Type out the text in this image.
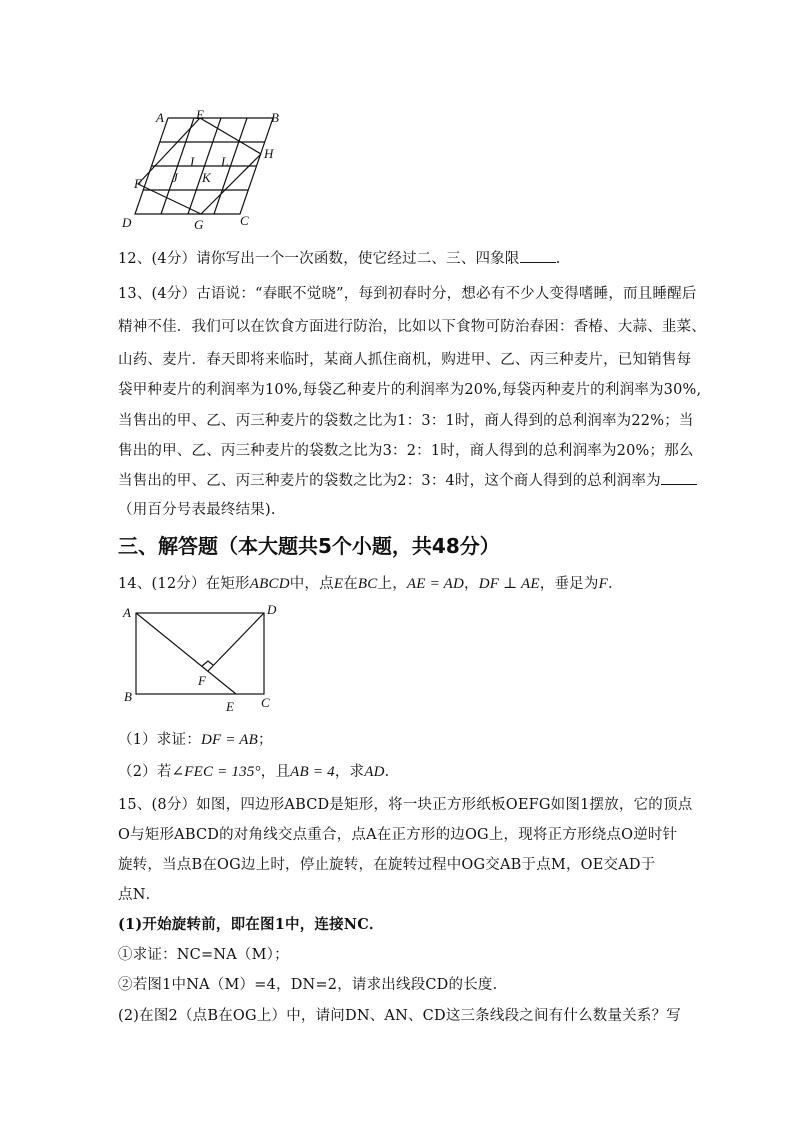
A E	B
H
I L
J K
F
D	G	C
12、(4分）请你写出一个一次函数，使它经过二、三、四象限 .
13、(4分）古语说：“春眠不觉晓”，每到初春时分，想必有不少人变得嗜睡，而且睡醒后
精神不佳．我们可以在饮食方面进行防治，比如以下食物可防治春困：香椿、大蒜、韭菜、
山药、麦片．春天即将来临时，某商人抓住商机，购进甲、乙、丙三种麦片，已知销售每
袋甲种麦片的利润率为10%,每袋乙种麦片的利润率为20%,每袋丙种麦片的利润率为30%,
当售出的甲、乙、丙三种麦片的袋数之比为1：3：1时，商人得到的总利润率为22%；当
售出的甲、乙、丙三种麦片的袋数之比为3：2：1时，商人得到的总利润率为20%；那么
当售出的甲、乙、丙三种麦片的袋数之比为2：3：4时，这个商人得到的总利润率为
（用百分号表最终结果).
三、解答题（本大题共5个小题，共48分）
14、(12分）在矩形ABCD中，点E在BC上，AE = AD，DF ⊥ AE，垂足为F．
A	D
B	C
E
F
（1）求证：DF = AB；
（2）若∠FEC = 135°，且AB = 4，求AD．
15、(8分）如图，四边形ABCD是矩形，将一块正方形纸板OEFG如图1摆放，它的顶点
O与矩形ABCD的对角线交点重合，点A在正方形的边OG上，现将正方形绕点O逆时针
旋转，当点B在OG边上时，停止旋转，在旋转过程中OG交AB于点M，OE交AD于
点N．
(1)开始旋转前，即在图1中，连接NC．
①求证：NC=NA（M）；
②若图1中NA（M）=4，DN=2，请求出线段CD的长度.
(2)在图2（点B在OG上）中，请问DN、AN、CD这三条线段之间有什么数量关系？写
